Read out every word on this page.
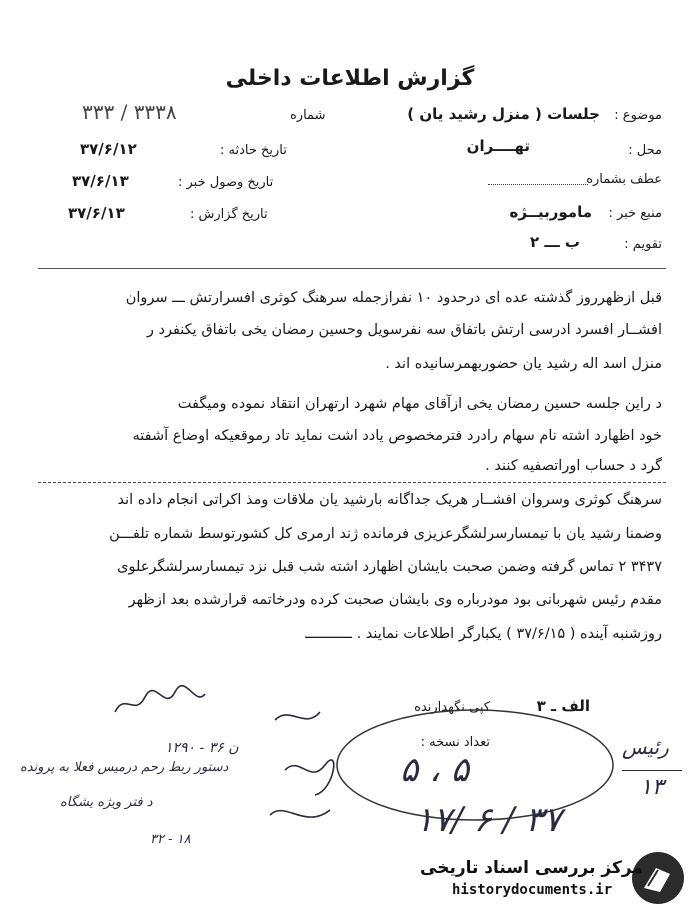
گزارش اطلاعات داخلی
موضوع :
جلسات ( منزل رشید یان )
محل :
تهــــران
عطف بشماره
منبع خبر :
ماموربیــژه
تقویم :
ب ـــ ۲
شماره
۳۳۳۸ / ۳۳۳
تاریخ حادثه :
۳۷/۶/۱۲
تاریخ وصول خبر :
۳۷/۶/۱۳
تاریخ گزارش :
۳۷/۶/۱۳
قبل ازظهرروز گذشته عده ای درحدود ۱۰ نفرازجمله سرهنگ کوثری افسرارتش ـــ سروان
افشــار افسرد ادرسی ارتش باتفاق سه نفرسویل وحسین رمضان یخی باتفاق یکنفرد ر
منزل اسد اله رشید یان حضوربهمرسانیده اند .
د راین جلسه حسین رمضان یخی ازآقای مهام شهرد ارتهران انتقاد نموده ومیگفت
خود اظهارد اشته نام سهام رادرد فترمخصوص یادد اشت نماید تاد رموقعیکه اوضاع آشفته
گرد د حساب اوراتصفیه کنند .
سرهنگ کوثری وسروان افشــار هریک جداگانه بارشید یان ملاقات ومذ اکراتی انجام داده اند
وضمنا رشید یان با تیمسارسرلشگرعزیزی فرمانده ژند ارمری کل کشورتوسط شماره تلفـــن
۳۴۳۷ ۲ تماس گرفته وضمن صحبت بایشان اظهارد اشته شب قبل نزد تیمسارسرلشگرعلوی
مقدم رئیس شهربانی بود مودرباره وی بایشان صحبت کرده ودرخاتمه قرارشده بعد ازظهر
روزشنبه آینده ( ۳۷/۶/۱۵ ) یکبارگر اطلاعات نمایند . ـــــــــــ
کپی نگهدارنده	الف ـ ۳
تعداد نسخه :
۵ ، ۵
۱۷/ ۶ / ۳۷
۱۲۹۰ - ۳۶ ن
دستور ربط رحم درمیس فعلا به پرونده
د فتر ویژه یشگاه
۳۲ - ۱۸
رئیس
۱۳
مرکز بررسی اسناد تاریخی
historydocuments.ir
